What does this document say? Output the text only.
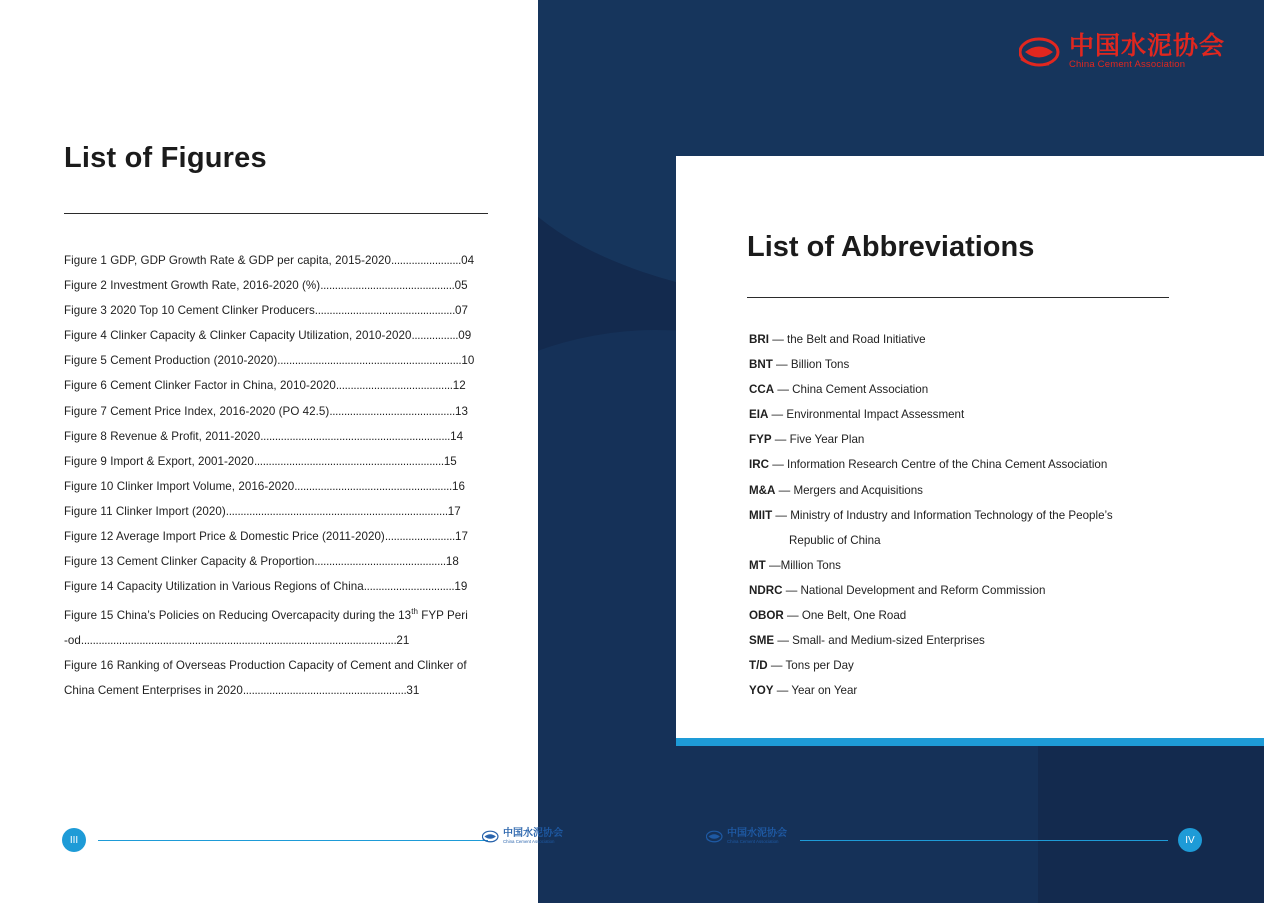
List of Figures
Figure 1 GDP, GDP Growth Rate & GDP per capita, 2015-2020........................04
Figure 2 Investment Growth Rate, 2016-2020 (%)..............................................05
Figure 3 2020 Top 10 Cement Clinker Producers................................................07
Figure 4 Clinker Capacity & Clinker Capacity Utilization, 2010-2020................09
Figure 5 Cement Production (2010-2020)...............................................................10
Figure 6 Cement Clinker Factor in China, 2010-2020........................................12
Figure 7 Cement Price Index, 2016-2020 (PO 42.5)...........................................13
Figure 8 Revenue & Profit, 2011-2020.................................................................14
Figure 9 Import & Export, 2001-2020.................................................................15
Figure 10 Clinker Import Volume, 2016-2020......................................................16
Figure 11 Clinker Import (2020)............................................................................17
Figure 12 Average Import Price & Domestic Price (2011-2020)........................17
Figure 13 Cement Clinker Capacity & Proportion.............................................18
Figure 14 Capacity Utilization in Various Regions of China...............................19
Figure 15 China’s Policies on Reducing Overcapacity during the 13th FYP Peri
-od............................................................................................................21
Figure 16 Ranking of Overseas Production Capacity of Cement and Clinker of
China Cement Enterprises in 2020........................................................31
中国水泥协会
China Cement Association
List of Abbreviations
BRI — the Belt and Road Initiative
BNT — Billion Tons
CCA — China Cement Association
EIA — Environmental Impact Assessment
FYP — Five Year Plan
IRC — Information Research Centre of the China Cement Association
M&A — Mergers and Acquisitions
MIIT — Ministry of Industry and Information Technology of the People’s
Republic of China
MT —Million Tons
NDRC — National Development and Reform Commission
OBOR — One Belt, One Road
SME — Small- and Medium-sized Enterprises
T/D — Tons per Day
YOY — Year on Year
III
中国水泥协会
China Cement Association
中国水泥协会
China Cement Association	IV
